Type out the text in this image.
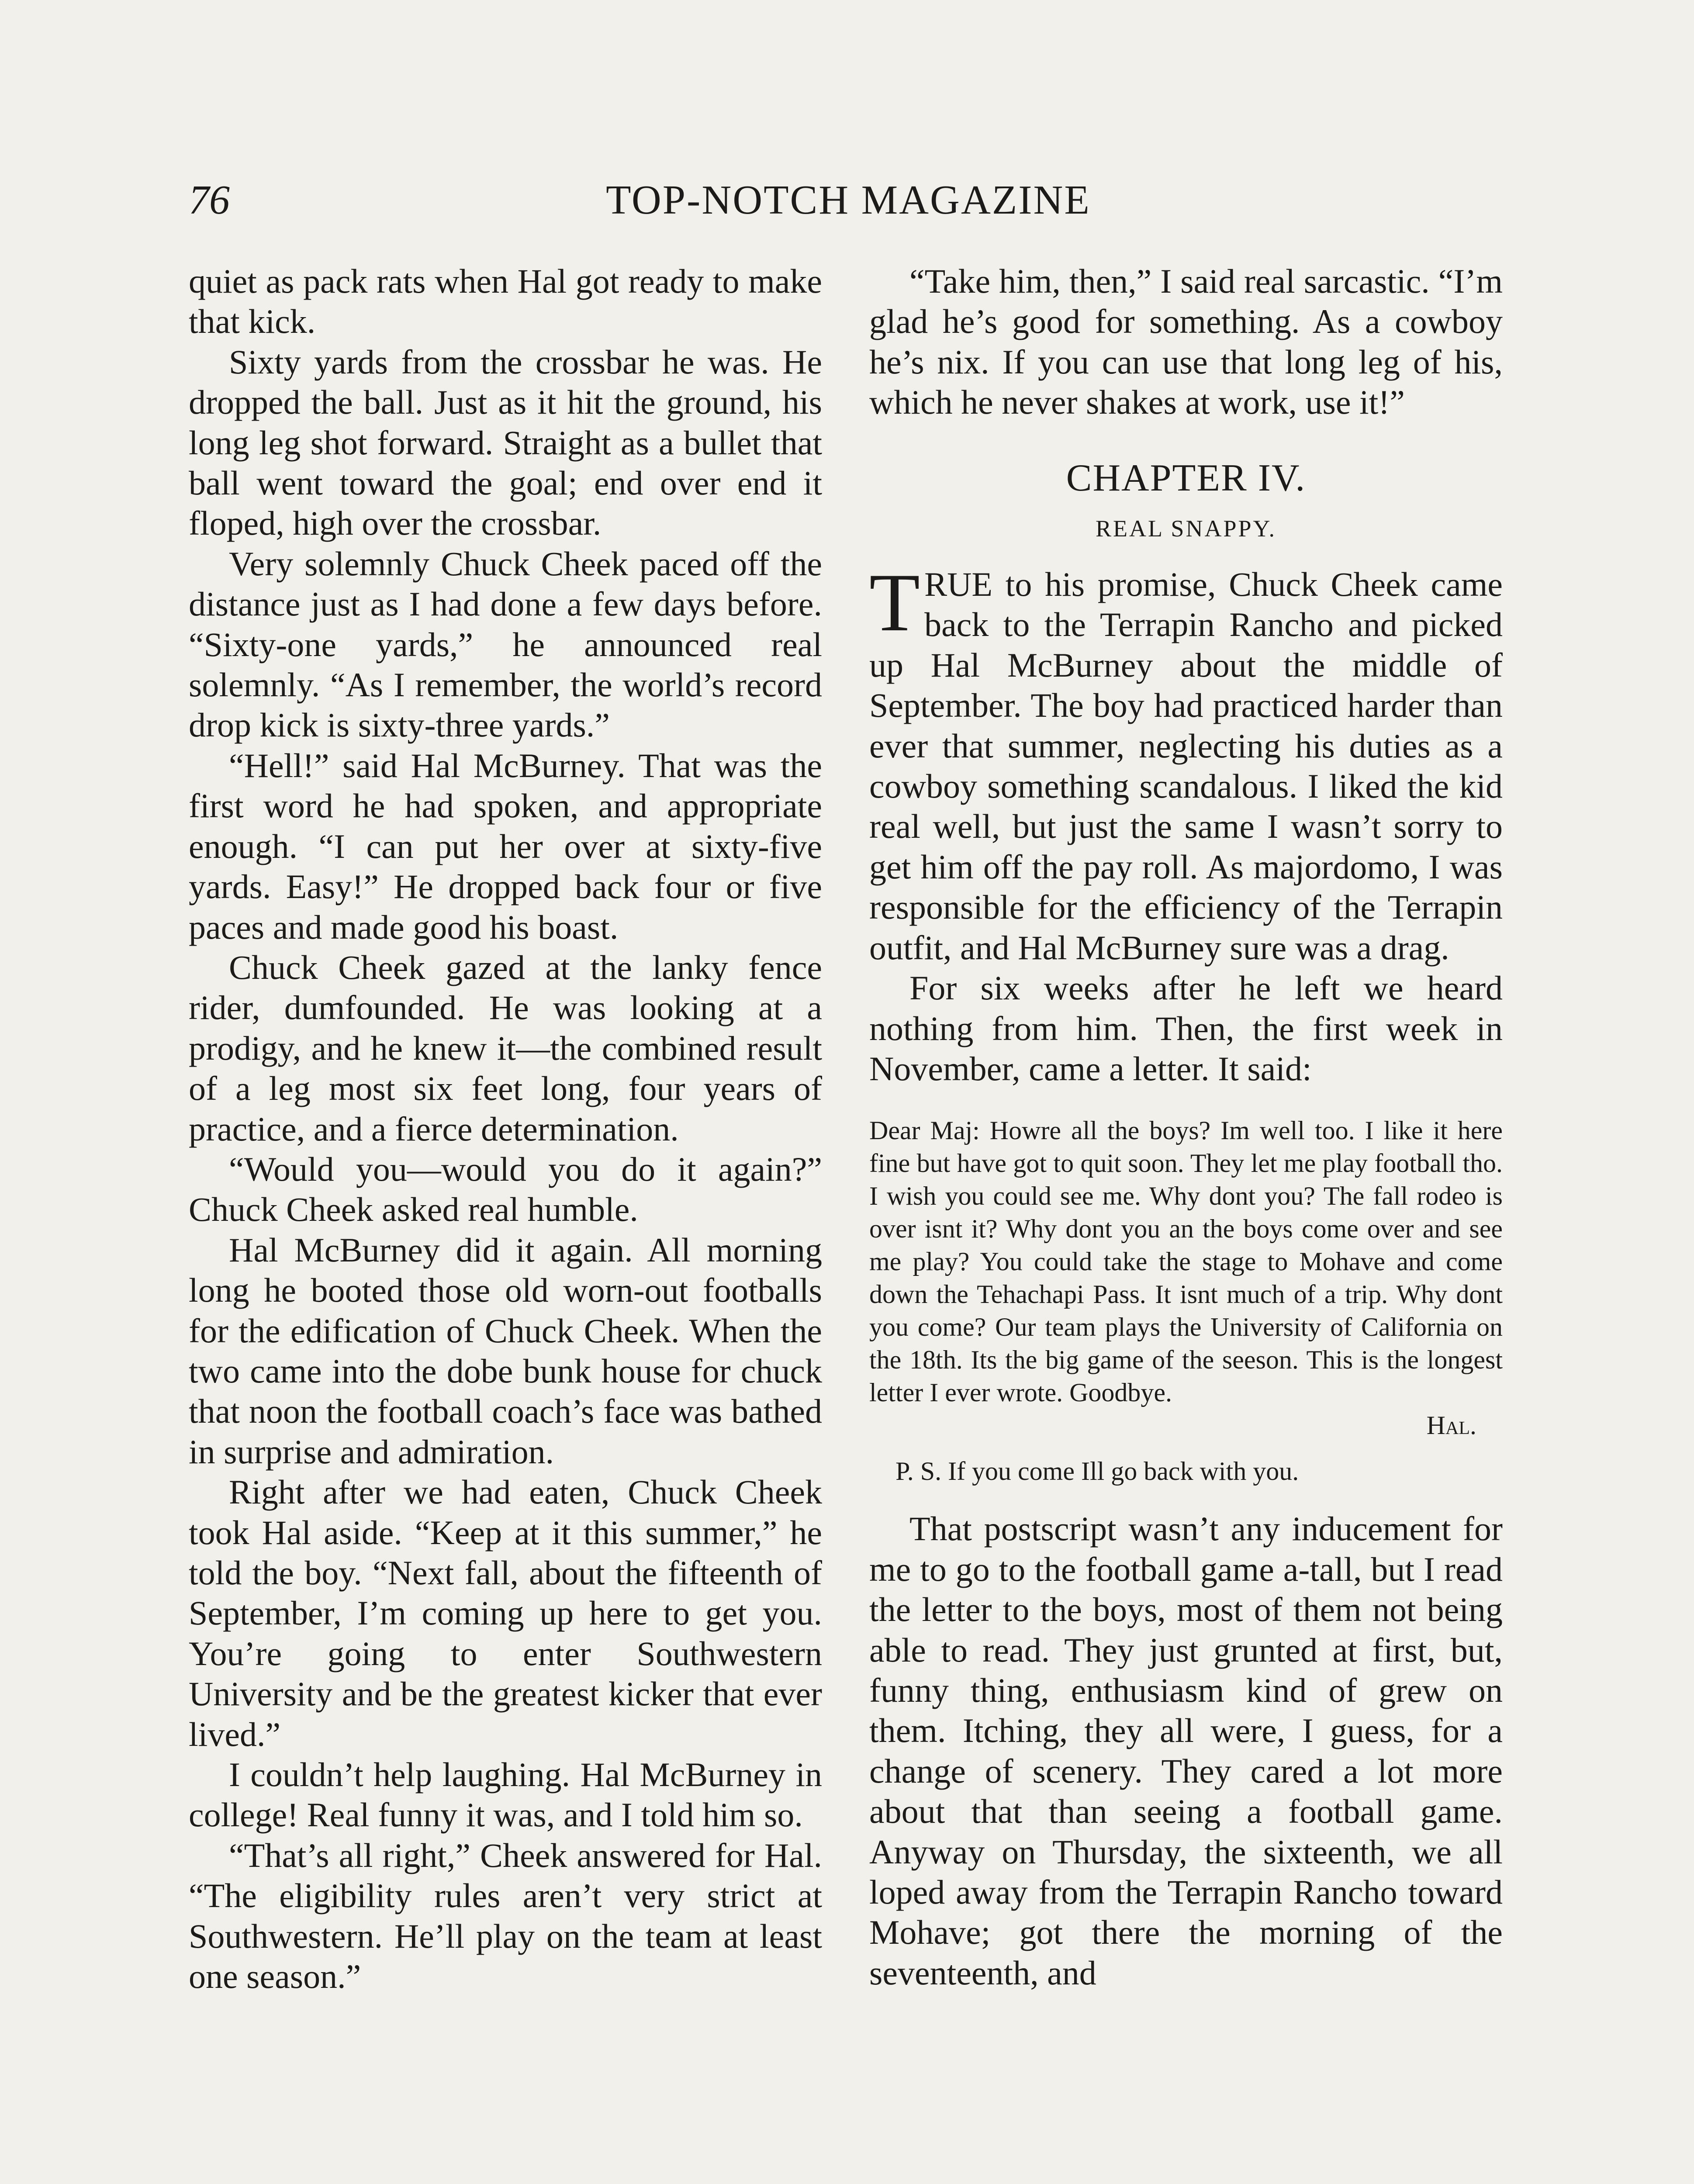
76	TOP-NOTCH MAGAZINE

quiet as pack rats when Hal got ready to make that kick.

Sixty yards from the crossbar he was. He dropped the ball. Just as it hit the ground, his long leg shot forward. Straight as a bullet that ball went toward the goal; end over end it floped, high over the crossbar.

Very solemnly Chuck Cheek paced off the distance just as I had done a few days before. “Sixty-one yards,” he announced real solemnly. “As I remember, the world’s record drop kick is sixty-three yards.”

“Hell!” said Hal McBurney. That was the first word he had spoken, and appropriate enough. “I can put her over at sixty-five yards. Easy!” He dropped back four or five paces and made good his boast.

Chuck Cheek gazed at the lanky fence rider, dumfounded. He was looking at a prodigy, and he knew it—the combined result of a leg most six feet long, four years of practice, and a fierce determination.

“Would you—would you do it again?” Chuck Cheek asked real humble.

Hal McBurney did it again. All morning long he booted those old worn-out footballs for the edification of Chuck Cheek. When the two came into the dobe bunk house for chuck that noon the football coach’s face was bathed in surprise and admiration.

Right after we had eaten, Chuck Cheek took Hal aside. “Keep at it this summer,” he told the boy. “Next fall, about the fifteenth of September, I’m coming up here to get you. You’re going to enter Southwestern University and be the greatest kicker that ever lived.”

I couldn’t help laughing. Hal McBurney in college! Real funny it was, and I told him so.

“That’s all right,” Cheek answered for Hal. “The eligibility rules aren’t very strict at Southwestern. He’ll play on the team at least one season.”

“Take him, then,” I said real sarcastic. “I’m glad he’s good for something. As a cowboy he’s nix. If you can use that long leg of his, which he never shakes at work, use it!”

CHAPTER IV.
REAL SNAPPY.

TRUE to his promise, Chuck Cheek came back to the Terrapin Rancho and picked up Hal McBurney about the middle of September. The boy had practiced harder than ever that summer, neglecting his duties as a cowboy something scandalous. I liked the kid real well, but just the same I wasn’t sorry to get him off the pay roll. As majordomo, I was responsible for the efficiency of the Terrapin outfit, and Hal McBurney sure was a drag.

For six weeks after he left we heard nothing from him. Then, the first week in November, came a letter. It said:

Dear Maj: Howre all the boys? Im well too. I like it here fine but have got to quit soon. They let me play football tho. I wish you could see me. Why dont you? The fall rodeo is over isnt it? Why dont you an the boys come over and see me play? You could take the stage to Mohave and come down the Tehachapi Pass. It isnt much of a trip. Why dont you come? Our team plays the University of California on the 18th. Its the big game of the seeson. This is the longest letter I ever wrote. Goodbye.

Hal.

P. S. If you come Ill go back with you.

That postscript wasn’t any inducement for me to go to the football game a-tall, but I read the letter to the boys, most of them not being able to read. They just grunted at first, but, funny thing, enthusiasm kind of grew on them. Itching, they all were, I guess, for a change of scenery. They cared a lot more about that than seeing a football game. Anyway on Thursday, the sixteenth, we all loped away from the Terrapin Rancho toward Mohave; got there the morning of the seventeenth, and
